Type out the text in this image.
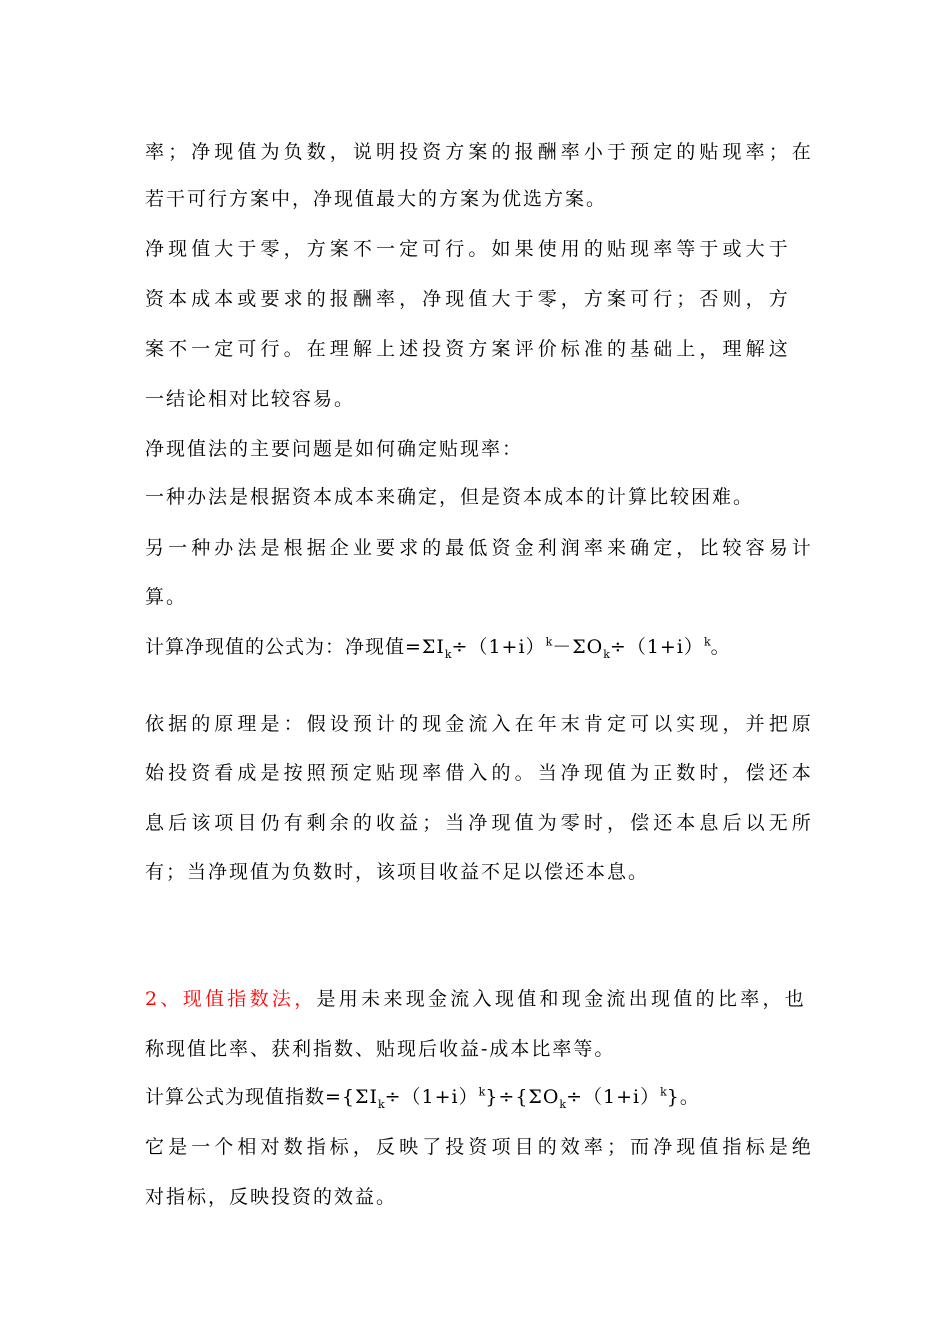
率；净现值为负数，说明投资方案的报酬率小于预定的贴现率；在
若干可行方案中，净现值最大的方案为优选方案。
净现值大于零，方案不一定可行。如果使用的贴现率等于或大于
资本成本或要求的报酬率，净现值大于零，方案可行；否则，方
案不一定可行。在理解上述投资方案评价标准的基础上，理解这
一结论相对比较容易。
净现值法的主要问题是如何确定贴现率：
一种办法是根据资本成本来确定，但是资本成本的计算比较困难。
另一种办法是根据企业要求的最低资金利润率来确定，比较容易计
算。
计算净现值的公式为：净现值$=\Sigma I_k\div(1+i)^k-\Sigma O_k\div(1+i)^k$。
依据的原理是：假设预计的现金流入在年末肯定可以实现，并把原
始投资看成是按照预定贴现率借入的。当净现值为正数时，偿还本
息后该项目仍有剩余的收益；当净现值为零时，偿还本息后以无所
有；当净现值为负数时，该项目收益不足以偿还本息。
2、现值指数法，是用未来现金流入现值和现金流出现值的比率，也
称现值比率、获利指数、贴现后收益-成本比率等。
计算公式为现值指数$=\{\Sigma I_k\div(1+i)^k\}\div\{\Sigma O_k\div(1+i)^k\}$。
它是一个相对数指标，反映了投资项目的效率；而净现值指标是绝
对指标，反映投资的效益。
